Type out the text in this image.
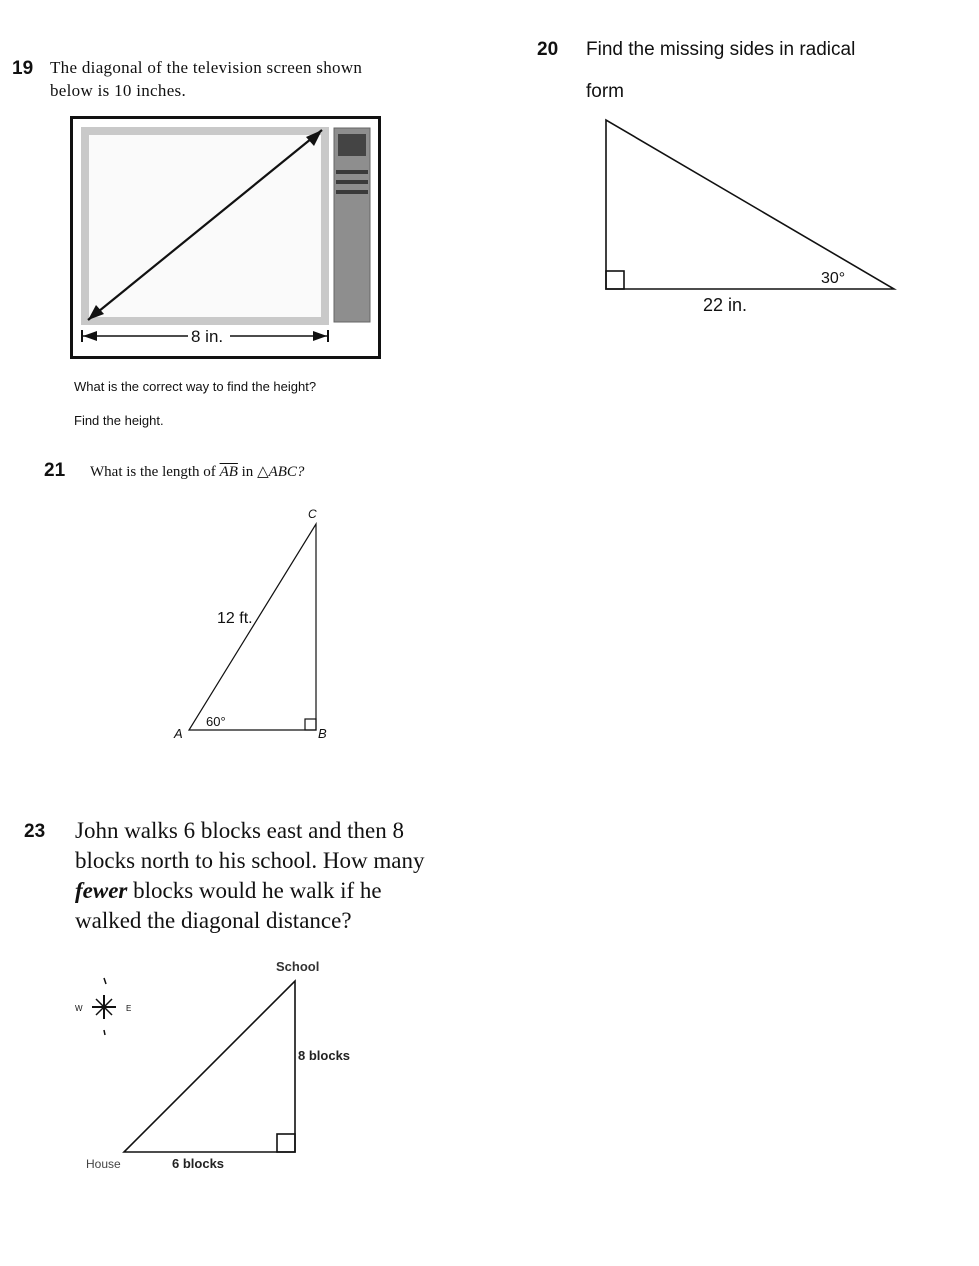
19 The diagonal of the television screen shown
below is 10 inches.
8 in.
What is the correct way to find the height?
Find the height.
20 Find the missing sides in radical
form
30°
22 in.
21 What is the length of $\overline{AB}$ in △ABC?
C
A	B
12 ft.
60°
23 John walks 6 blocks east and then 8
blocks north to his school. How many
fewer blocks would he walk if he
walked the diagonal distance?
W	E
School
House
8 blocks
6 blocks
